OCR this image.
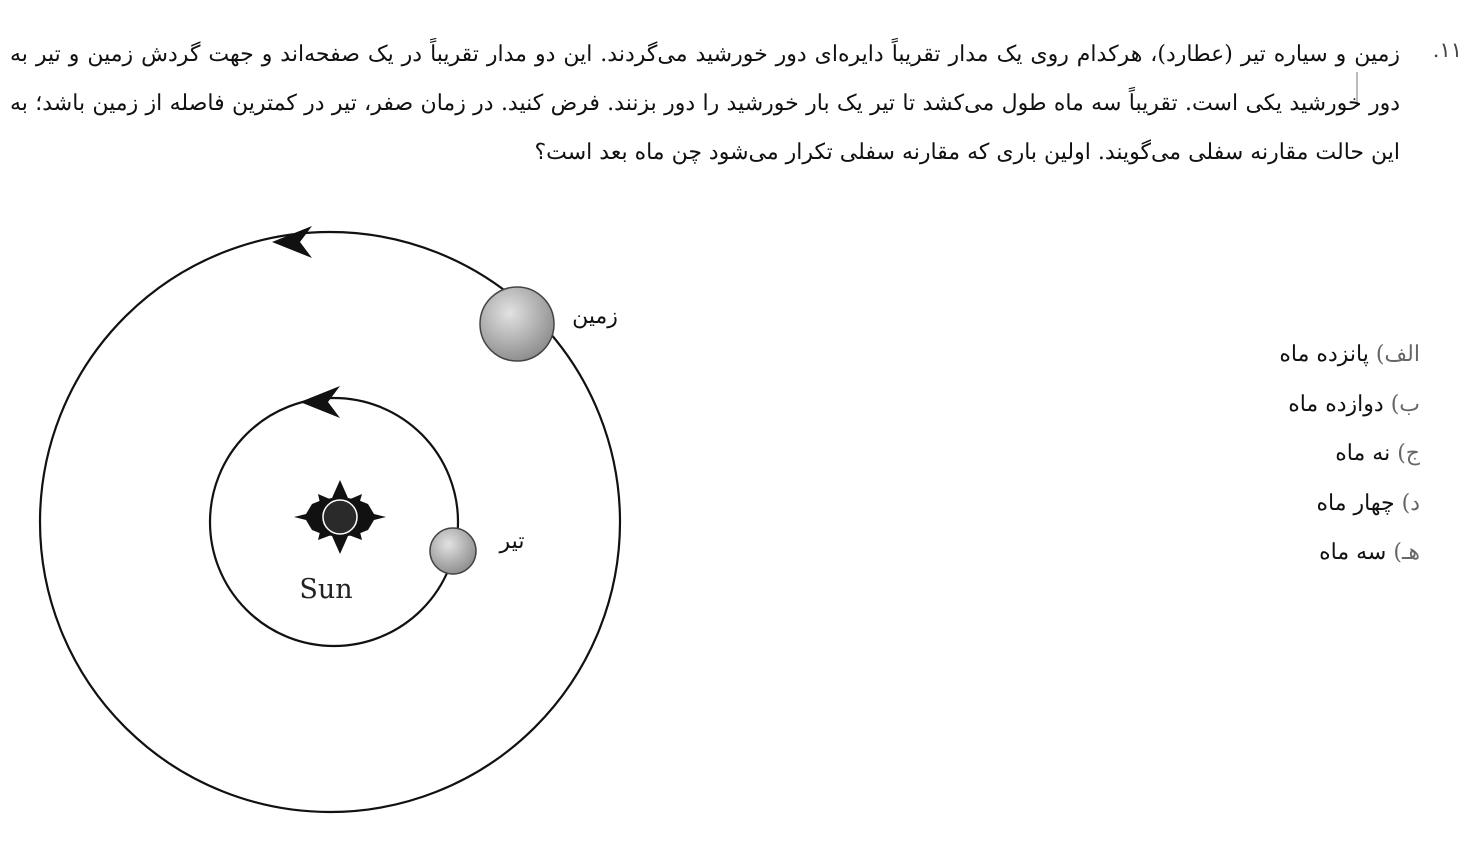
۱۱.

زمین و سیاره تیر (عطارد)، هرکدام روی یک مدار تقریباً دایره‌ای دور خورشید می‌گردند. این دو مدار تقریباً در یک صفحه‌اند و جهت گردش زمین و تیر به دور خورشید یکی است. تقریباً سه ماه طول می‌کشد تا تیر یک بار خورشید را دور بزنند. فرض کنید. در زمان صفر، تیر در کمترین فاصله از زمین باشد؛ به این حالت مقارنه سفلی می‌گویند. اولین باری که مقارنه سفلی تکرار می‌شود چن ماه بعد است؟

Sun
زمین
تیر
الف) پانزده ماه
ب) دوازده ماه
ج) نه ماه
د) چهار ماه
هـ) سه ماه
